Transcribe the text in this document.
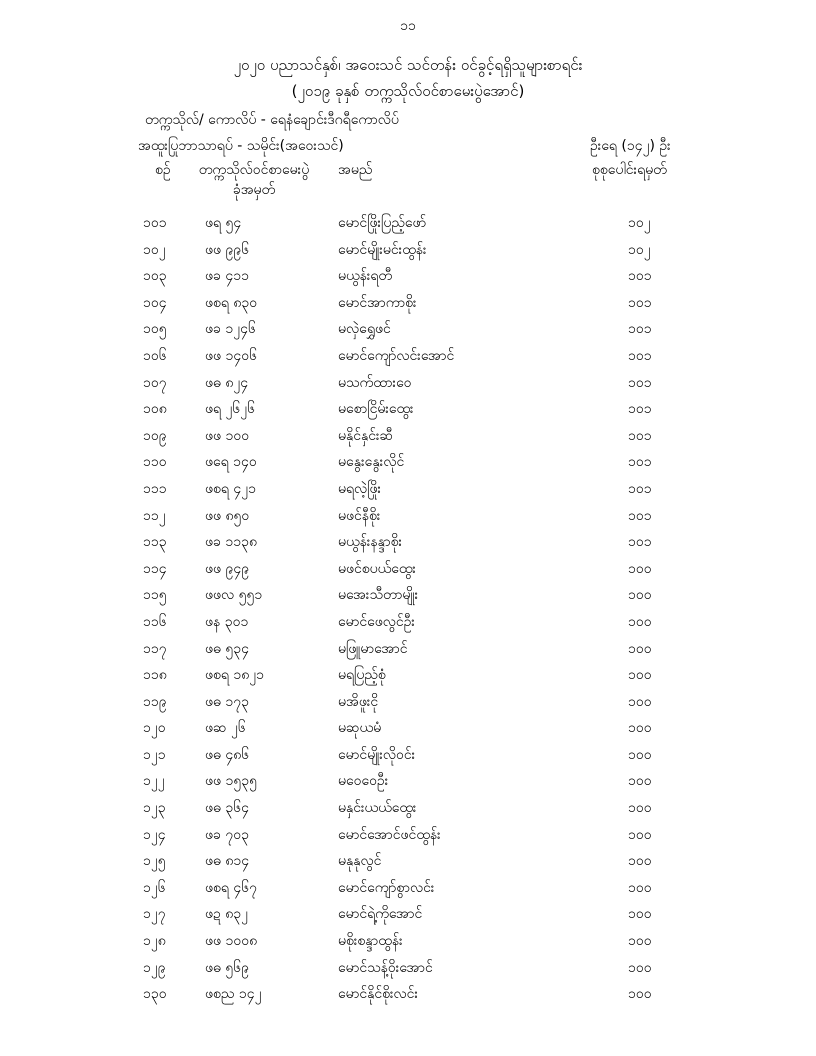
၁၁
၂၀၂၀ ပညာသင်နှစ်၊ အဝေးသင် သင်တန်း ဝင်ခွင့်ရရှိသူများစာရင်း
(၂၀၁၉ ခုနှစ် တက္ကသိုလ်ဝင်စာမေးပွဲအောင်)
တက္ကသိုလ်/ ကောလိပ် - ရေနံချောင်းဒီဂရီကောလိပ်
အထူးပြုဘာသာရပ် - သမိုင်း(အဝေးသင်)	ဦးရေ (၁၄၂) ဦး
စဉ်	တက္ကသိုလ်ဝင်စာမေးပွဲ
ခုံအမှတ်
အမည်	စုစုပေါင်းရမှတ်
၁၀၁	ဖရ ၅၄	မောင်ဖြိုးပြည့်ဖော်	၁၀၂
၁၀၂	ဖဖ ၉၉၆	မောင်မျိုးမင်းထွန်း	၁၀၂
၁၀၃	ဖခ ၄၁၁	မယွန်းရတီ	၁၀၁
၁၀၄	ဖစရ ၈၃၀	မောင်အာကာစိုး	၁၀၁
၁၀၅	ဖခ ၁၂၄၆	မလှဲရွှေဖင်	၁၀၁
၁၀၆	ဖဖ ၁၄၀၆	မောင်ကျော်လင်းအောင်	၁၀၁
၁၀၇	ဖဓ ၈၂၄	မသက်ထားဝေ	၁၀၁
၁၀၈	ဖရ ၂၆၂၆	မစောငြိမ်းထွေး	၁၀၁
၁၀၉	ဖဖ ၁၀၀	မနိုင်နှင်းဆီ	၁၀၁
၁၁၀	ဖရေ ၁၄၀	မနွေးနွေးလိုင်	၁၀၁
၁၁၁	ဖစရ ၄၂၁	မရလဲ့ဖြိုး	၁၀၁
၁၁၂	ဖဖ ၈၅၀	မဖင်နီစိုး	၁၀၁
၁၁၃	ဖခ ၁၁၃၈	မယွန်းနန္ဒာစိုး	၁၀၁
၁၁၄	ဖဖ ၉၄၉	မဖင်စပယ်ထွေး	၁၀၀
၁၁၅	ဖဖလ ၅၅၁	မအေးသီတာမျိုး	၁၀၀
၁၁၆	ဖန ၃၀၁	မောင်ဖေလွင်ဦး	၁၀၀
၁၁၇	ဖဓ ၅၃၄	မဖြူမာအောင်	၁၀၀
၁၁၈	ဖစရ ၁၈၂၁	မရပြည့်စုံ	၁၀၀
၁၁၉	ဖဓ ၁၇၃	မအိဖူးငို	၁၀၀
၁၂၀	ဖဆ ၂၆	မဆုယမံ	၁၀၀
၁၂၁	ဖဓ ၄၈၆	မောင်မျိုးလိုဝင်း	၁၀၀
၁၂၂	ဖဖ ၁၅၃၅	မဝေဝေဦး	၁၀၀
၁၂၃	ဖဓ ၃၆၄	မနှင်းယယ်ထွေး	၁၀၀
၁၂၄	ဖခ ၇၀၃	မောင်အောင်ဖင်ထွန်း	၁၀၀
၁၂၅	ဖဓ ၈၁၄	မနုနုလွင်	၁၀၀
၁၂၆	ဖစရ ၄၆၇	မောင်ကျော်စွာလင်း	၁၀၀
၁၂၇	ဖဍ ၈၃၂	မောင်ရဲ့ကိုအောင်	၁၀၀
၁၂၈	ဖဖ ၁၀၀၈	မစိုးစန္ဒာထွန်း	၁၀၀
၁၂၉	ဖဓ ၅၆၉	မောင်သန့်ဝိုးအောင်	၁၀၀
၁၃၀	ဖစည ၁၄၂	မောင်နိုင်စိုးလင်း	၁၀၀
